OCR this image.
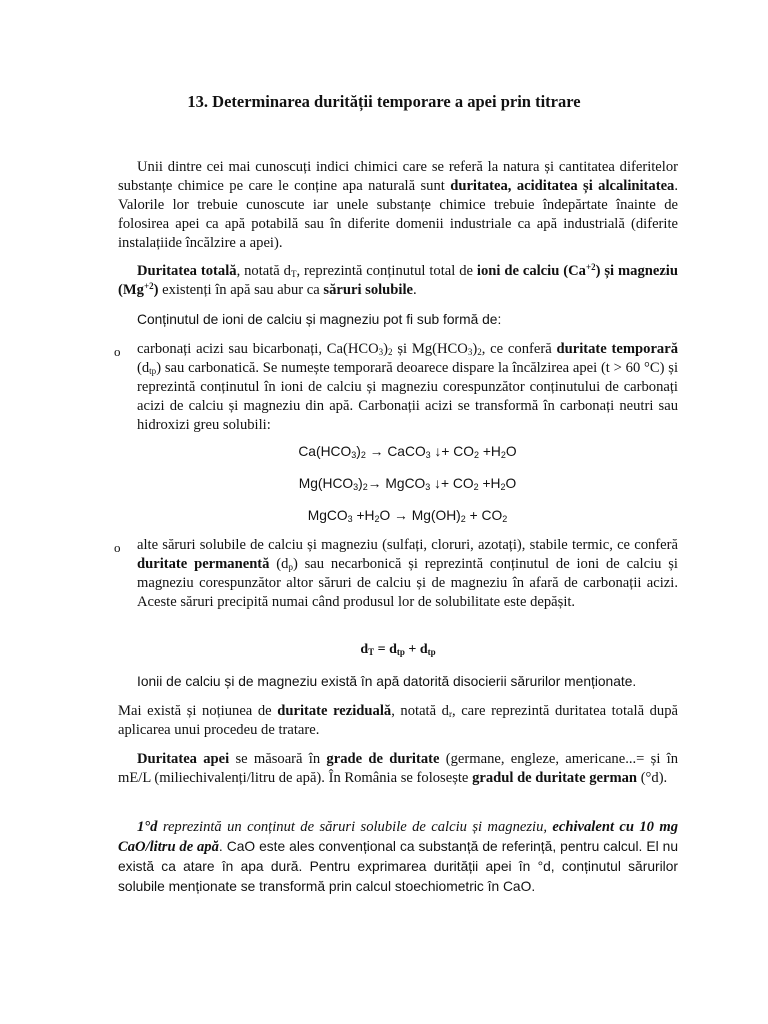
13. Determinarea durității temporare a apei prin titrare
Unii dintre cei mai cunoscuți indici chimici care se referă la natura și cantitatea diferitelor substanțe chimice pe care le conține apa naturală sunt duritatea, aciditatea și alcalinitatea. Valorile lor trebuie cunoscute iar unele substanțe chimice trebuie îndepărtate înainte de folosirea apei ca apă potabilă sau în diferite domenii industriale ca apă industrială (diferite instalațiide încălzire a apei).
Duritatea totală, notată $d_T$, reprezintă conținutul total de ioni de calciu $(Ca^{+2})$ și magneziu $(Mg^{+2})$ existenți în apă sau abur ca săruri solubile.
Conținutul de ioni de calciu și magneziu pot fi sub formă de:
o carbonați acizi sau bicarbonați, $Ca(HCO_3)_2$ și $Mg(HCO_3)_2$, ce conferă duritate temporară $(d_{tp})$ sau carbonatică. Se numește temporară deoarece dispare la încălzirea apei (t > 60 °C) și reprezintă conținutul în ioni de calciu și magneziu corespunzător conținutului de carbonați acizi de calciu și magneziu din apă. Carbonații acizi se transformă în carbonați neutri sau hidroxizi greu solubili:
$Ca(HCO_3)_2$ → CaCO$_3$ ↓+ $CO_2 +H_2O$
$Mg(HCO_3)_2\to$ MgCO$_3$ ↓+ $CO_2 +H_2O$
MgCO$_3$ $+H_2O \to Mg(OH)_2 + CO_2$
o alte săruri solubile de calciu și magneziu (sulfați, cloruri, azotați), stabile termic, ce conferă duritate permanentă $(d_p)$ sau necarbonică și reprezintă conținutul de ioni de calciu și magneziu corespunzător altor săruri de calciu și de magneziu în afară de carbonații acizi. Aceste săruri precipită numai când produsul lor de solubilitate este depășit.
$d_T = d_{tp} + d_{tp}$
Ionii de calciu și de magneziu există în apă datorită disocierii sărurilor menționate.
Mai există și noțiunea de duritate reziduală, notată $d_r$, care reprezintă duritatea totală după aplicarea unui procedeu de tratare.
Duritatea apei se măsoară în grade de duritate (germane, engleze, americane...= și în mE/L (miliechivalenți/litru de apă). În România se folosește gradul de duritate german (°d).
1°d reprezintă un conținut de săruri solubile de calciu și magneziu, echivalent cu 10 mg CaO/litru de apă. CaO este ales convențional ca substanță de referință, pentru calcul. El nu există ca atare în apa dură. Pentru exprimarea durității apei în °d, conținutul sărurilor solubile menționate se transformă prin calcul stoechiometric în CaO.
